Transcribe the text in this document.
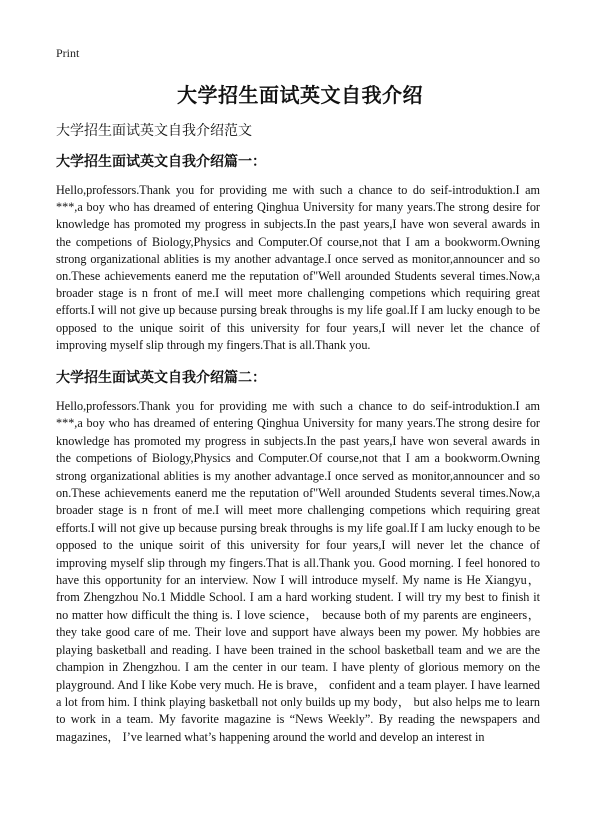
Print
大学招生面试英文自我介绍
大学招生面试英文自我介绍范文
大学招生面试英文自我介绍篇一：

Hello,professors.Thank you for providing me with such a chance to do seif-introduktion.I am ***,a boy who has dreamed of entering Qinghua University for many years.The strong desire for knowledge has promoted my progress in subjects.In the past years,I have won several awards in the competions of Biology,Physics and Computer.Of course,not that I am a bookworm.Owning strong organizational ablities is my another advantage.I once served as monitor,announcer and so on.These achievements eanerd me the reputation of"Well arounded Students several times.Now,a broader stage is n front of me.I will meet more challenging competions which requiring great efforts.I will not give up because pursing break throughs is my life goal.If I am lucky enough to be opposed to the unique soirit of this university for four years,I will never let the chance of improving myself slip through my fingers.That is all.Thank you.

大学招生面试英文自我介绍篇二：

Hello,professors.Thank you for providing me with such a chance to do seif-introduktion.I am ***,a boy who has dreamed of entering Qinghua University for many years.The strong desire for knowledge has promoted my progress in subjects.In the past years,I have won several awards in the competions of Biology,Physics and Computer.Of course,not that I am a bookworm.Owning strong organizational ablities is my another advantage.I once served as monitor,announcer and so on.These achievements eanerd me the reputation of"Well arounded Students several times.Now,a broader stage is n front of me.I will meet more challenging competions which requiring great efforts.I will not give up because pursing break throughs is my life goal.If I am lucky enough to be opposed to the unique soirit of this university for four years,I will never let the chance of improving myself slip through my fingers.That is all.Thank you. Good morning. I feel honored to have this opportunity for an interview. Now I will introduce myself. My name is He Xiangyu，from Zhengzhou No.1 Middle School. I am a hard working student. I will try my best to finish it no matter how difficult the thing is. I love science， because both of my parents are engineers， they take good care of me. Their love and support have always been my power. My hobbies are playing basketball and reading. I have been trained in the school basketball team and we are the champion in Zhengzhou. I am the center in our team. I have plenty of glorious memory on the playground. And I like Kobe very much. He is brave， confident and a team player. I have learned a lot from him. I think playing basketball not only builds up my body， but also helps me to learn to work in a team. My favorite magazine is “News Weekly”. By reading the newspapers and magazines， I’ve learned what’s happening around the world and develop an interest in
